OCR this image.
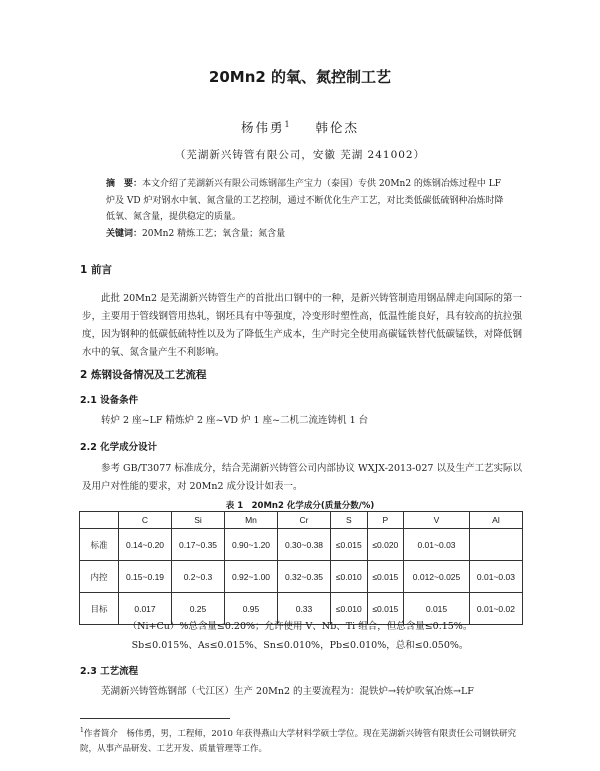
20Mn2 的氧、氮控制工艺
杨伟勇$^1$ 韩伦杰
（芜湖新兴铸管有限公司，安徽 芜湖 241002）
摘　要：本文介绍了芜湖新兴有限公司炼钢部生产宝力（泰国）专供 20Mn2 的炼钢冶炼过程中 LF 炉及 VD 炉对钢水中氧、氮含量的工艺控制，通过不断优化生产工艺，对比类低碳低硫钢种冶炼时降低氧、氮含量，提供稳定的质量。
关键词：20Mn2 精炼工艺；氧含量；氮含量
1 前言
此批 20Mn2 是芜湖新兴铸管生产的首批出口钢中的一种，是新兴铸管制造用钢品牌走向国际的第一步，主要用于管线钢管用热轧，钢坯具有中等强度，冷变形时塑性高，低温性能良好，具有较高的抗拉强度，因为钢种的低碳低硫特性以及为了降低生产成本，生产时完全使用高碳锰铁替代低碳锰铁，对降低钢水中的氧、氮含量产生不利影响。
2 炼钢设备情况及工艺流程
2.1 设备条件
转炉 2 座~LF 精炼炉 2 座~VD 炉 1 座~二机二流连铸机 1 台
2.2 化学成分设计
参考 GB/T3077 标准成分，结合芜湖新兴铸管公司内部协议 WXJX-2013-027 以及生产工艺实际以及用户对性能的要求，对 20Mn2 成分设计如表一。
表 1　20Mn2 化学成分(质量分数/%)
	C	Si	Mn	Cr	S	P	V	Al
标准	0.14~0.20	0.17~0.35	0.90~1.20	0.30~0.38	≤0.015	≤0.020	0.01~0.03	
内控	0.15~0.19	0.2~0.3	0.92~1.00	0.32~0.35	≤0.010	≤0.015	0.012~0.025	0.01~0.03
目标	0.017	0.25	0.95	0.33	≤0.010	≤0.015	0.015	0.01~0.02
（Ni+Cu）%总含量≤0.20%；允许使用 V、Nb、Ti 组合，但总含量≤0.15%。
Sb≤0.015%、As≤0.015%、Sn≤0.010%，Pb≤0.010%，总和≤0.050%。
2.3 工艺流程
芜湖新兴铸管炼钢部（弋江区）生产 20Mn2 的主要流程为：混铁炉→转炉吹氧冶炼→LF
$^1$作者简介　杨伟勇，男，工程师，2010 年获得燕山大学材料学硕士学位。现在芜湖新兴铸管有限责任公司钢铁研究院，从事产品研发、工艺开发、质量管理等工作。
